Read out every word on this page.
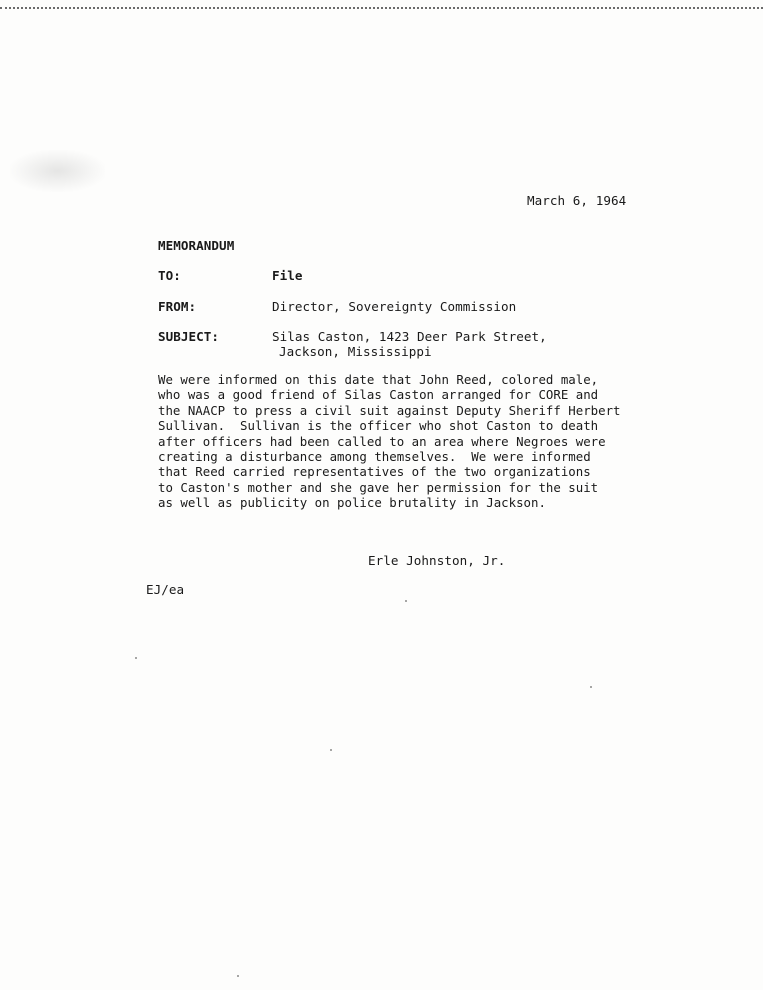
March 6, 1964
MEMORANDUM
TO:	File
FROM:	Director, Sovereignty Commission
SUBJECT:	Silas Caston, 1423 Deer Park Street,
Jackson, Mississippi
We were informed on this date that John Reed, colored male,
who was a good friend of Silas Caston arranged for CORE and
the NAACP to press a civil suit against Deputy Sheriff Herbert
Sullivan.  Sullivan is the officer who shot Caston to death
after officers had been called to an area where Negroes were
creating a disturbance among themselves.  We were informed
that Reed carried representatives of the two organizations
to Caston's mother and she gave her permission for the suit
as well as publicity on police brutality in Jackson.
Erle Johnston, Jr.
EJ/ea
